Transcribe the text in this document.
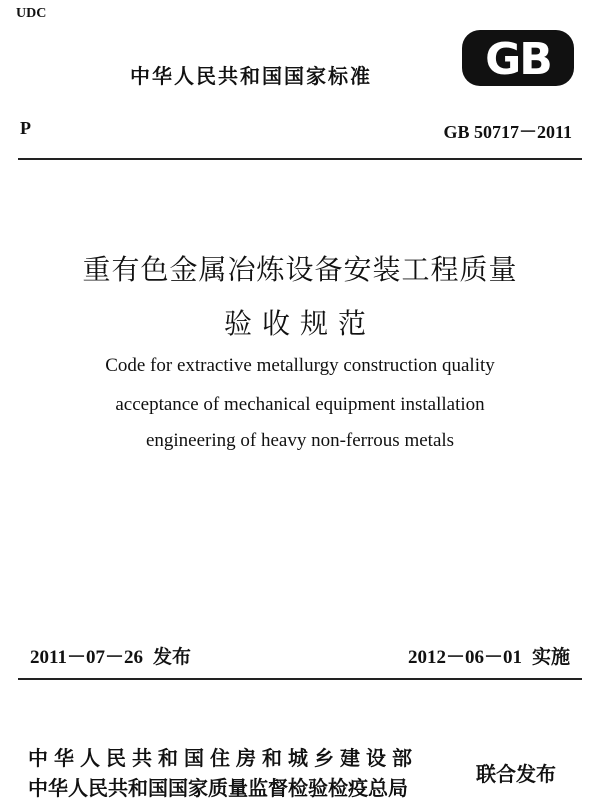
UDC
中华人民共和国国家标准	GB
P	GB 50717－2011
重有色金属冶炼设备安装工程质量
验收规范
Code for extractive metallurgy construction quality
acceptance of mechanical equipment installation
engineering of heavy non-ferrous metals
2011－07－26 发布	2012－06－01 实施
中华人民共和国住房和城乡建设部
中华人民共和国国家质量监督检验检疫总局
联合发布
